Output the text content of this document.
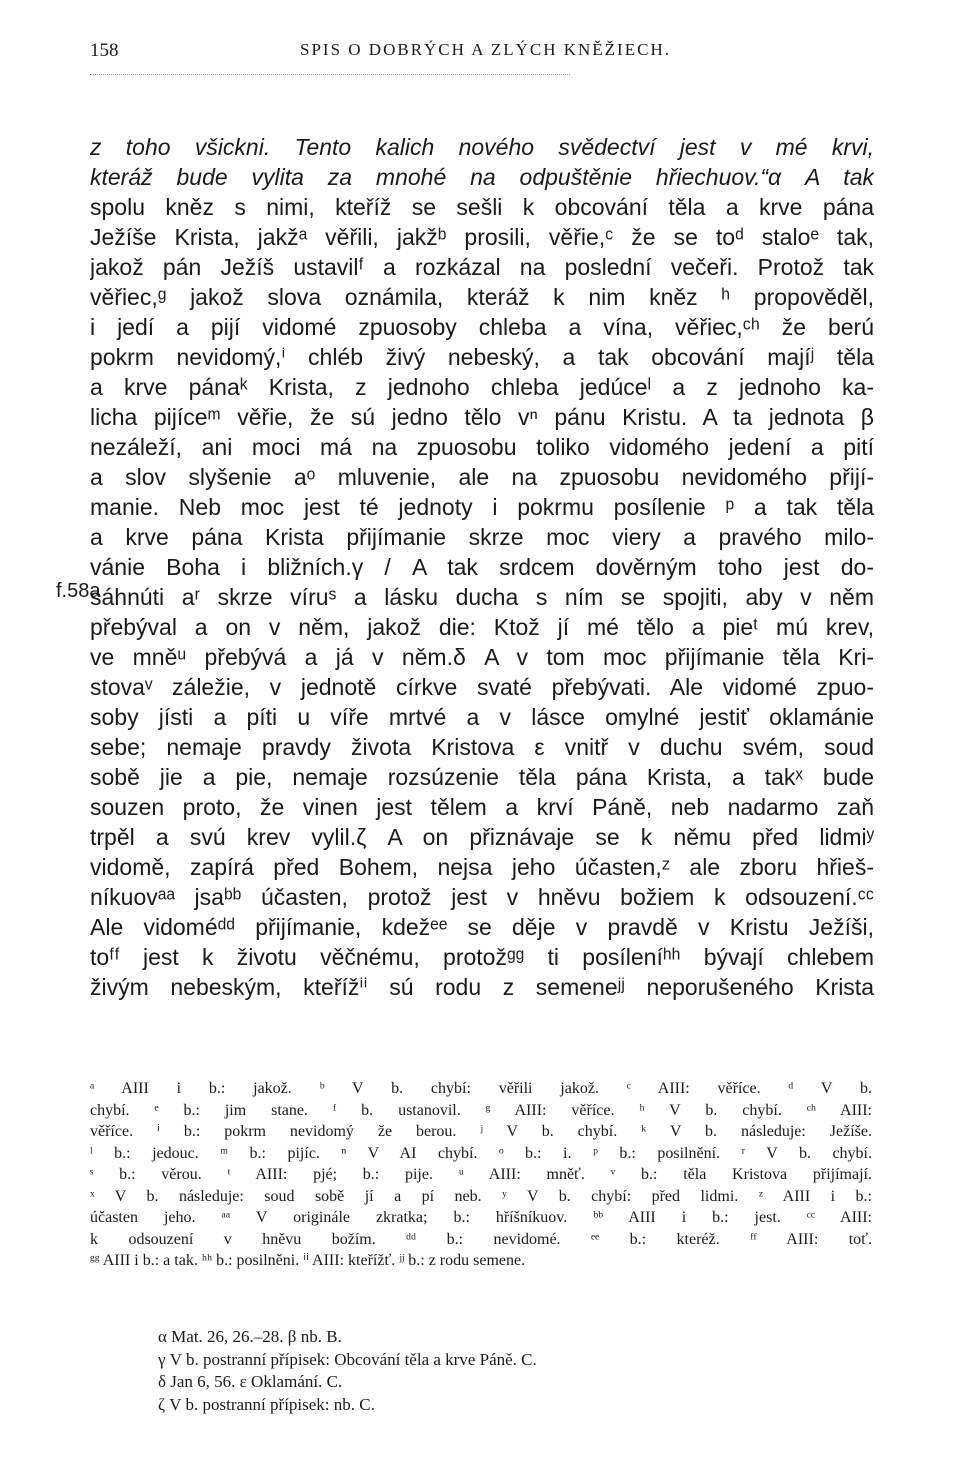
158	SPIS O DOBRÝCH A ZLÝCH KNĚŽIECH.
f.58a
z toho všickni. Tento kalich nového svědectví jest v mé krvi,
kteráž bude vylita za mnohé na odpuštěnie hřiechuov.“α A tak
spolu kněz s nimi, kteříž se sešli k obcování těla a krve pána
Ježíše Krista, jakžᵃ věřili, jakžᵇ prosili, věřie,ᶜ že se toᵈ staloᵉ tak,
jakož pán Ježíš ustavilᶠ a rozkázal na poslední večeři. Protož tak
věřiec,ᵍ jakož slova oznámila, kteráž k nim kněz ʰ propověděl,
i jedí a pijí vidomé zpuosoby chleba a vína, věřiec,ᶜʰ že berú
pokrm nevidomý,ⁱ chléb živý nebeský, a tak obcování majíʲ těla
a krve pánaᵏ Krista, z jednoho chleba jedúceˡ a z jednoho ka-
licha pijíceᵐ věřie, že sú jedno tělo vⁿ pánu Kristu. A ta jednota β
nezáleží, ani moci má na zpuosobu toliko vidomého jedení a pití
a slov slyšenie aᵒ mluvenie, ale na zpuosobu nevidomého přijí-
manie. Neb moc jest té jednoty i pokrmu posíleniе ᵖ a tak těla
a krve pána Krista přijímanie skrze moc viery a pravého milo-
vánie Boha i bližních.γ / A tak srdcem dověrným toho jest do-
sáhnúti aʳ skrze víruˢ a lásku ducha s ním se spojiti, aby v něm
přebýval a on v něm, jakož die: Ktož jí mé tělo a pieᵗ mú krev,
ve mněᵘ přebývá a já v něm.δ A v tom moc přijímanie těla Kri-
stovaᵛ záležie, v jednotě církve svaté přebývati. Ale vidomé zpuo-
soby jísti a píti u víře mrtvé a v lásce omylné jestiť oklamánie
sebe; nemaje pravdy života Kristova ε vnitř v duchu svém, soud
sobě jie a pie, nemaje rozsúzenie těla pána Krista, a takˣ bude
souzen proto, že vinen jest tělem a krví Páně, neb nadarmo zaň
trpěl a svú krev vylil.ζ A on přiznávaje se k němu před lidmiʸ
vidomě, zapírá před Bohem, nejsa jeho účasten,ᶻ ale zboru hřieš-
níkuovᵃᵃ jsaᵇᵇ účasten, protož jest v hněvu božiem k odsouzení.ᶜᶜ
Ale vidoméᵈᵈ přijímanie, kdežᵉᵉ se děje v pravdě v Kristu Ježíši,
toᶠᶠ jest k životu věčnému, protožᵍᵍ ti posíleníʰʰ bývají chlebem
živým nebeským, kteřížⁱⁱ sú rodu z semeneʲʲ neporušeného Krista
ᵃ AIII i b.: jakož. ᵇ V b. chybí: věřili jakož. ᶜ AIII: věříce. ᵈ V b.
chybí. ᵉ b.: jim stane. ᶠ b. ustanovil. ᵍ AIII: věříce. ʰ V b. chybí. ᶜʰ AIII:
věříce. ⁱ b.: pokrm nevidomý že berou. ʲ V b. chybí. ᵏ V b. následuje: Ježíše.
ˡ b.: jedouc. ᵐ b.: pijíc. ⁿ V AI chybí. ᵒ b.: i. ᵖ b.: posilnění. ʳ V b. chybí.
ˢ b.: věrou. ᵗ AIII: pjé; b.: pije. ᵘ AIII: mněť. ᵛ b.: těla Kristova přijímají.
ˣ V b. následuje: soud sobě jí a pí neb. ʸ V b. chybí: před lidmi. ᶻ AIII i b.:
účasten jeho. ᵃᵃ V originále zkratka; b.: hříšníkuov. ᵇᵇ AIII i b.: jest. ᶜᶜ AIII:
k odsouzení v hněvu božím. ᵈᵈ b.: nevidomé. ᵉᵉ b.: kteréž. ᶠᶠ AIII: toť.
ᵍᵍ AIII i b.: a tak. ʰʰ b.: posilněni. ⁱⁱ AIII: kteřížť. ʲʲ b.: z rodu semene.
α Mat. 26, 26.–28. β nb. B.
γ V b. postranní přípisek: Obcování těla a krve Páně. C.
δ Jan 6, 56. ε Oklamání. C.
ζ V b. postranní přípisek: nb. C.
